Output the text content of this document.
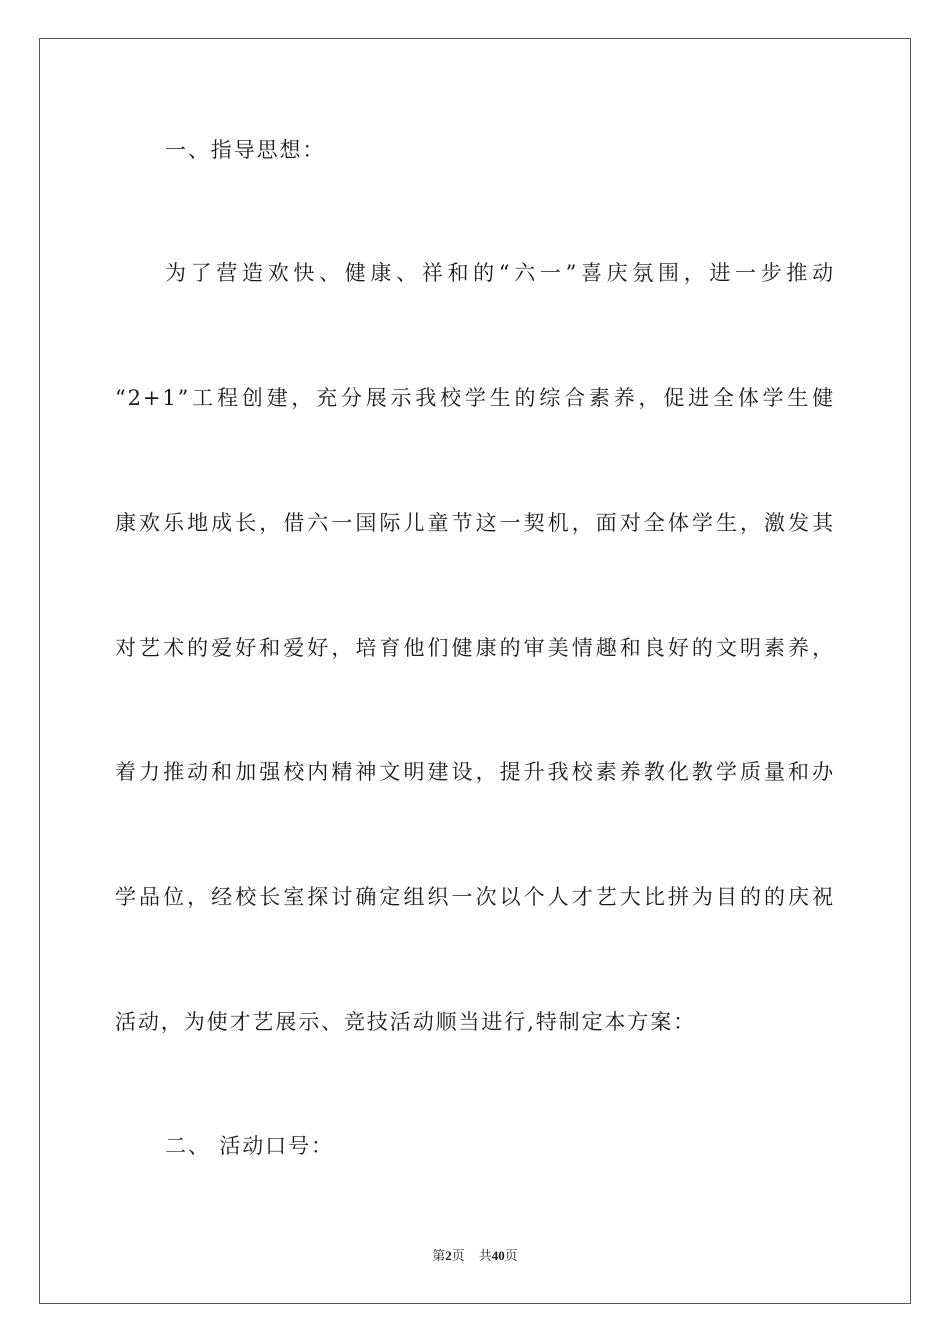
一、指导思想：
为了营造欢快、健康、祥和的“六一”喜庆氛围，进一步推动
“2+1”工程创建，充分展示我校学生的综合素养，促进全体学生健
康欢乐地成长，借六一国际儿童节这一契机，面对全体学生，激发其
对艺术的爱好和爱好，培育他们健康的审美情趣和良好的文明素养，
着力推动和加强校内精神文明建设，提升我校素养教化教学质量和办
学品位，经校长室探讨确定组织一次以个人才艺大比拼为目的的庆祝
活动，为使才艺展示、竞技活动顺当进行,特制定本方案：
二、 活动口号：
第2页 共40页
